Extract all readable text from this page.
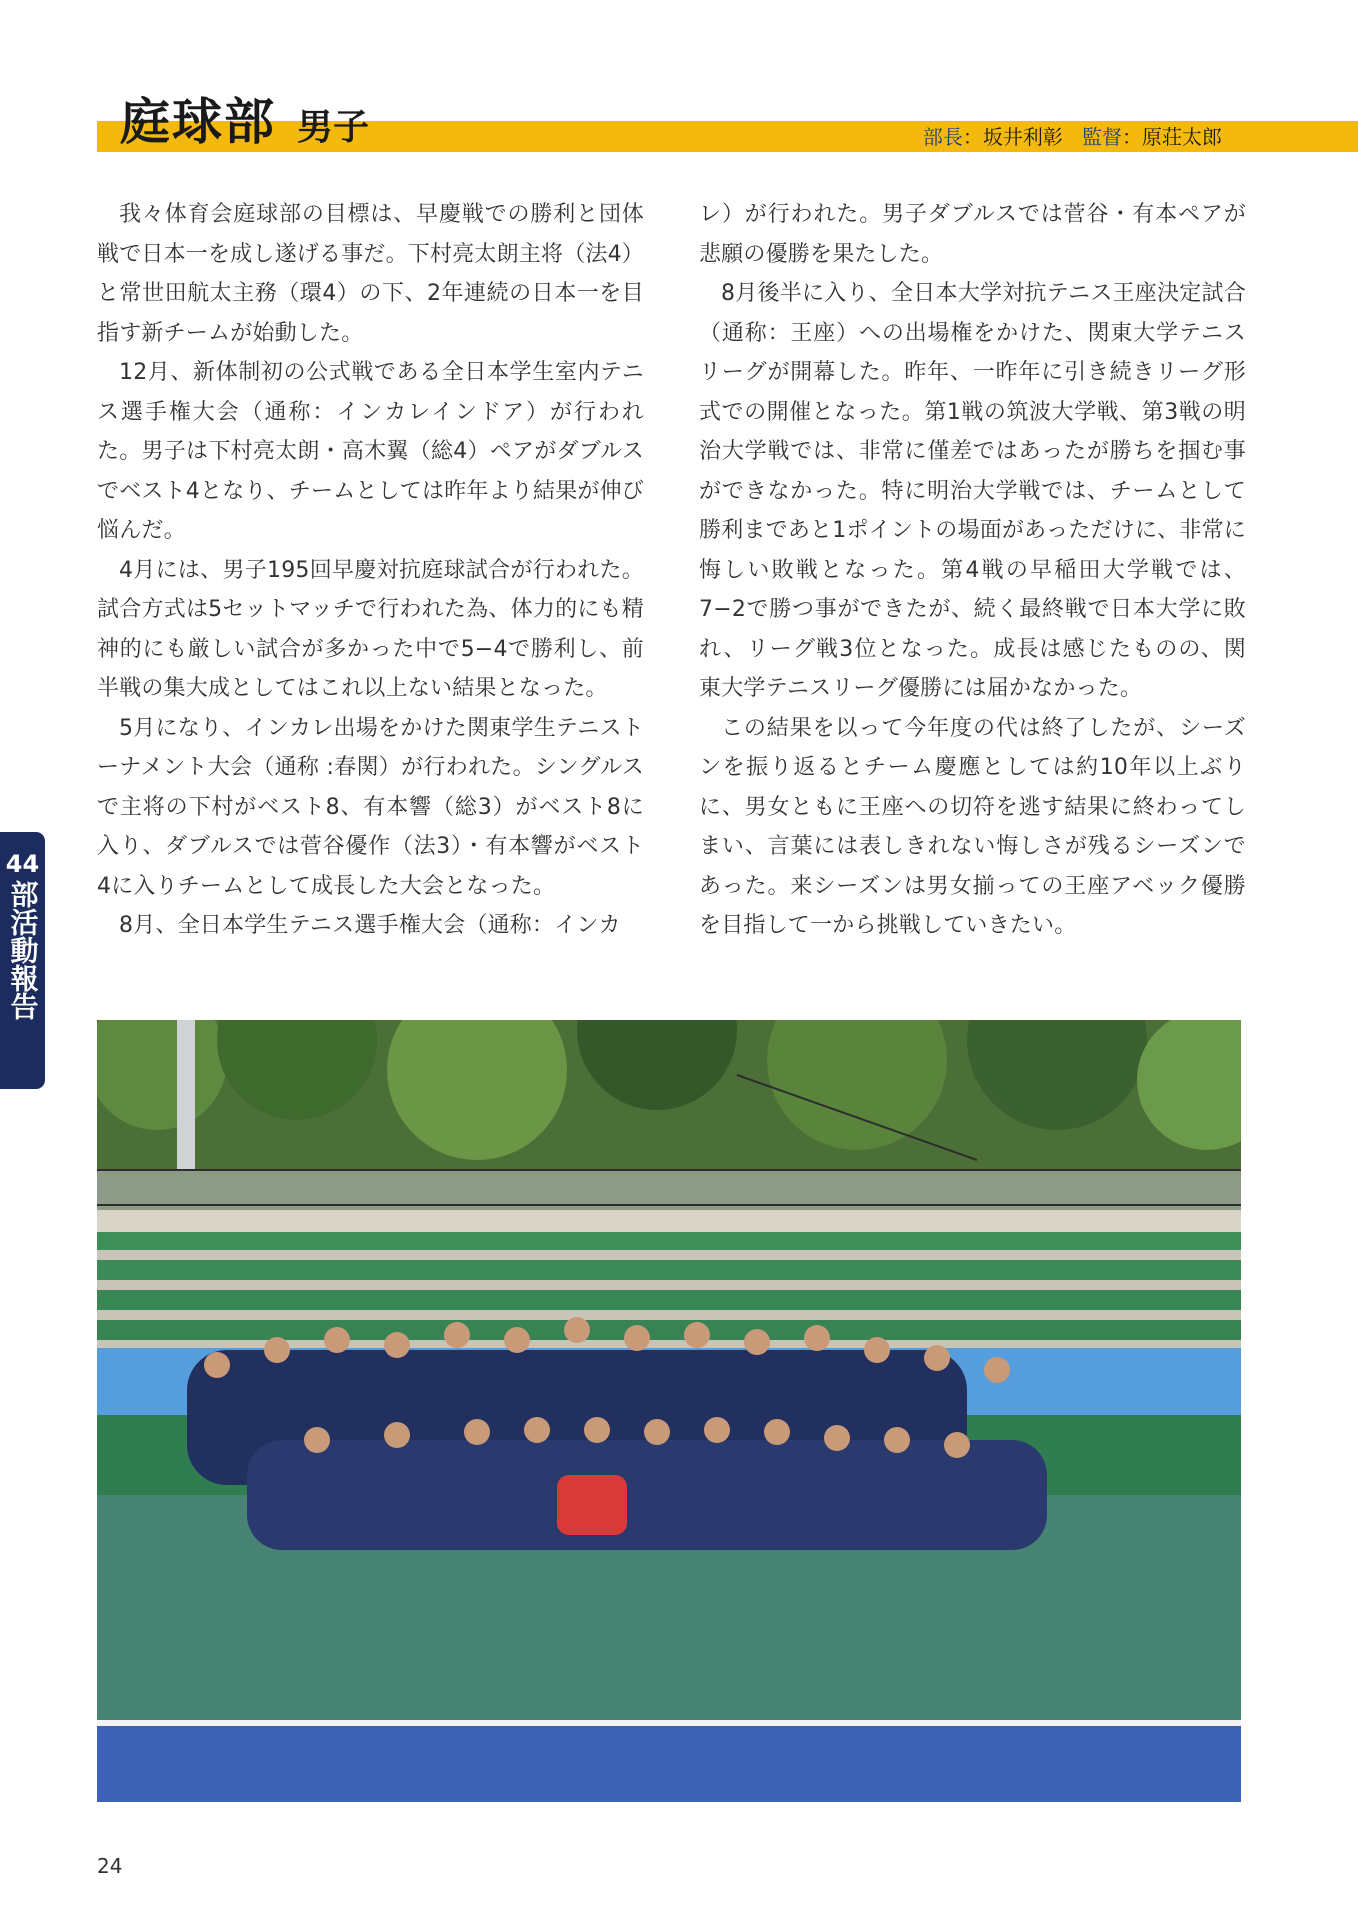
庭球部 男子	部長：坂井利彰 監督：原荘太郎

我々体育会庭球部の目標は、早慶戦での勝利と団体戦で日本一を成し遂げる事だ。下村亮太朗主将（法4）と常世田航太主務（環4）の下、2年連続の日本一を目指す新チームが始動した。

12月、新体制初の公式戦である全日本学生室内テニス選手権大会（通称：インカレインドア）が行われた。男子は下村亮太朗・高木翼（総4）ペアがダブルスでベスト4となり、チームとしては昨年より結果が伸び悩んだ。

4月には、男子195回早慶対抗庭球試合が行われた。試合方式は5セットマッチで行われた為、体力的にも精神的にも厳しい試合が多かった中で5−4で勝利し、前半戦の集大成としてはこれ以上ない結果となった。

5月になり、インカレ出場をかけた関東学生テニストーナメント大会（通称 :春関）が行われた。シングルスで主将の下村がベスト8、有本響（総3）がベスト8に入り、ダブルスでは菅谷優作（法3）・有本響がベスト4に入りチームとして成長した大会となった。

8月、全日本学生テニス選手権大会（通称：インカ

レ）が行われた。男子ダブルスでは菅谷・有本ペアが悲願の優勝を果たした。

8月後半に入り、全日本大学対抗テニス王座決定試合（通称：王座）への出場権をかけた、関東大学テニスリーグが開幕した。昨年、一昨年に引き続きリーグ形式での開催となった。第1戦の筑波大学戦、第3戦の明治大学戦では、非常に僅差ではあったが勝ちを掴む事ができなかった。特に明治大学戦では、チームとして勝利まであと1ポイントの場面があっただけに、非常に悔しい敗戦となった。第4戦の早稲田大学戦では、7−2で勝つ事ができたが、続く最終戦で日本大学に敗れ、リーグ戦3位となった。成長は感じたものの、関東大学テニスリーグ優勝には届かなかった。

この結果を以って今年度の代は終了したが、シーズンを振り返るとチーム慶應としては約10年以上ぶりに、男女ともに王座への切符を逃す結果に終わってしまい、言葉には表しきれない悔しさが残るシーズンであった。来シーズンは男女揃っての王座アベック優勝を目指して一から挑戦していきたい。

44
部活動報告
24
